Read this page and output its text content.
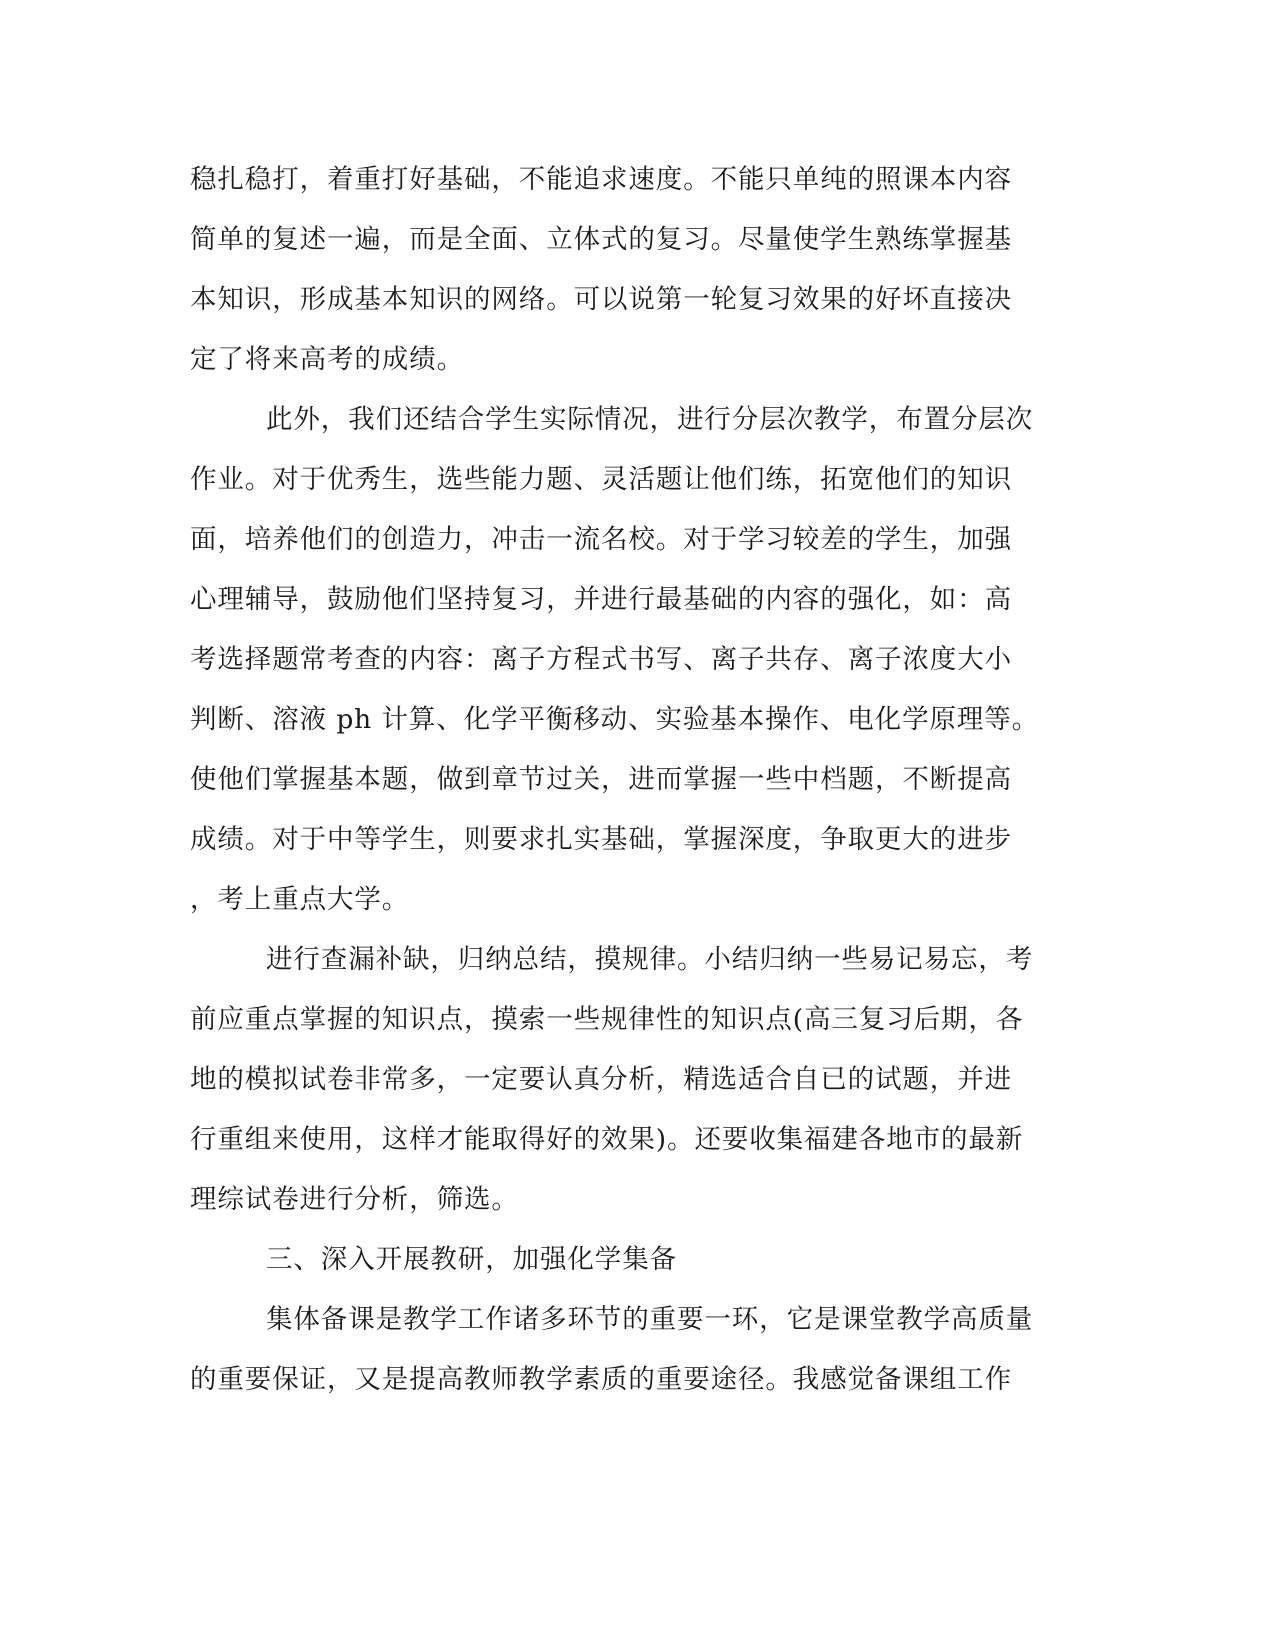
稳扎稳打，着重打好基础，不能追求速度。不能只单纯的照课本内容
简单的复述一遍，而是全面、立体式的复习。尽量使学生熟练掌握基
本知识，形成基本知识的网络。可以说第一轮复习效果的好坏直接决
定了将来高考的成绩。
此外，我们还结合学生实际情况，进行分层次教学，布置分层次
作业。对于优秀生，选些能力题、灵活题让他们练，拓宽他们的知识
面，培养他们的创造力，冲击一流名校。对于学习较差的学生，加强
心理辅导，鼓励他们坚持复习，并进行最基础的内容的强化，如：高
考选择题常考查的内容：离子方程式书写、离子共存、离子浓度大小
判断、溶液 ph 计算、化学平衡移动、实验基本操作、电化学原理等。
使他们掌握基本题，做到章节过关，进而掌握一些中档题，不断提高
成绩。对于中等学生，则要求扎实基础，掌握深度，争取更大的进步
，考上重点大学。
进行查漏补缺，归纳总结，摸规律。小结归纳一些易记易忘，考
前应重点掌握的知识点，摸索一些规律性的知识点(高三复习后期，各
地的模拟试卷非常多，一定要认真分析，精选适合自已的试题，并进
行重组来使用，这样才能取得好的效果)。还要收集福建各地市的最新
理综试卷进行分析，筛选。
三、深入开展教研，加强化学集备
集体备课是教学工作诸多环节的重要一环，它是课堂教学高质量
的重要保证，又是提高教师教学素质的重要途径。我感觉备课组工作
